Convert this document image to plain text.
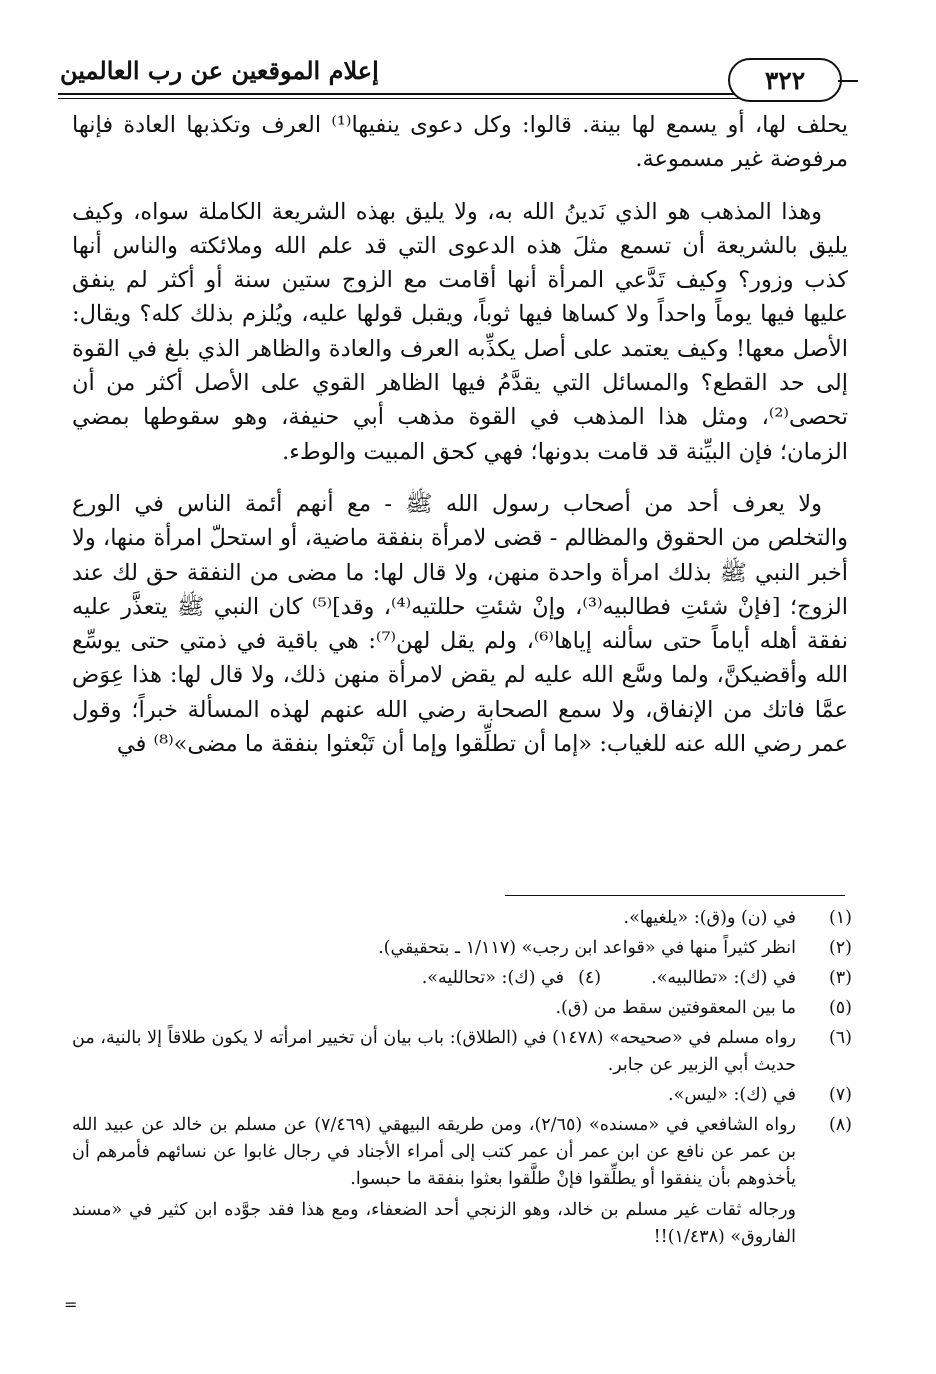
إعلام الموقعين عن رب العالمين	٣٢٢

يحلف لها، أو يسمع لها بينة. قالوا: وكل دعوى ينفيها⁽¹⁾ العرف وتكذبها العادة فإنها مرفوضة غير مسموعة.

وهذا المذهب هو الذي نَدينُ الله به، ولا يليق بهذه الشريعة الكاملة سواه، وكيف يليق بالشريعة أن تسمع مثلَ هذه الدعوى التي قد علم الله وملائكته والناس أنها كذب وزور؟ وكيف تَدَّعي المرأة أنها أقامت مع الزوج ستين سنة أو أكثر لم ينفق عليها فيها يوماً واحداً ولا كساها فيها ثوباً، ويقبل قولها عليه، ويُلزم بذلك كله؟ ويقال: الأصل معها! وكيف يعتمد على أصل يكذِّبه العرف والعادة والظاهر الذي بلغ في القوة إلى حد القطع؟ والمسائل التي يقدَّمُ فيها الظاهر القوي على الأصل أكثر من أن تحصى⁽²⁾، ومثل هذا المذهب في القوة مذهب أبي حنيفة، وهو سقوطها بمضي الزمان؛ فإن البيِّنة قد قامت بدونها؛ فهي كحق المبيت والوطء.

ولا يعرف أحد من أصحاب رسول الله ﷺ - مع أنهم أئمة الناس في الورع والتخلص من الحقوق والمظالم - قضى لامرأة بنفقة ماضية، أو استحلّ امرأة منها، ولا أخبر النبي ﷺ بذلك امرأة واحدة منهن، ولا قال لها: ما مضى من النفقة حق لك عند الزوج؛ [فإنْ شئتِ فطالبيه⁽³⁾، وإنْ شئتِ حللتيه⁽⁴⁾، وقد]⁽⁵⁾ كان النبي ﷺ يتعذَّر عليه نفقة أهله أياماً حتى سألنه إياها⁽⁶⁾، ولم يقل لهن⁽⁷⁾: هي باقية في ذمتي حتى يوسِّع الله وأقضيكنَّ، ولما وسَّع الله عليه لم يقض لامرأة منهن ذلك، ولا قال لها: هذا عِوَض عمَّا فاتك من الإنفاق، ولا سمع الصحابة رضي الله عنهم لهذه المسألة خبراً؛ وقول عمر رضي الله عنه للغياب: «إما أن تطلِّقوا وإما أن تَبْعثوا بنفقة ما مضى»⁽⁸⁾ في

(١)
في (ن) و(ق): «يلغيها».
(٢)
انظر كثيراً منها في «قواعد ابن رجب» (١/١١٧ ـ بتحقيقي).
(٣)
في (ك): «تطالبيه».
(٤)
في (ك): «تحالليه».
(٥)
ما بين المعقوفتين سقط من (ق).
(٦)
رواه مسلم في «صحيحه» (١٤٧٨) في (الطلاق): باب بيان أن تخيير امرأته لا يكون طلاقاً إلا بالنية، من حديث أبي الزبير عن جابر.
(٧)
في (ك): «ليس».
(٨)
رواه الشافعي في «مسنده» (٢/٦٥)، ومن طريقه البيهقي (٧/٤٦٩) عن مسلم بن خالد عن عبيد الله بن عمر عن نافع عن ابن عمر أن عمر كتب إلى أمراء الأجناد في رجال غابوا عن نسائهم فأمرهم أن يأخذوهم بأن ينفقوا أو يطلِّقوا فإنْ طلَّقوا بعثوا بنفقة ما حبسوا.
ورجاله ثقات غير مسلم بن خالد، وهو الزنجي أحد الضعفاء، ومع هذا فقد جوَّده ابن كثير في «مسند الفاروق» (١/٤٣٨)!!
=
